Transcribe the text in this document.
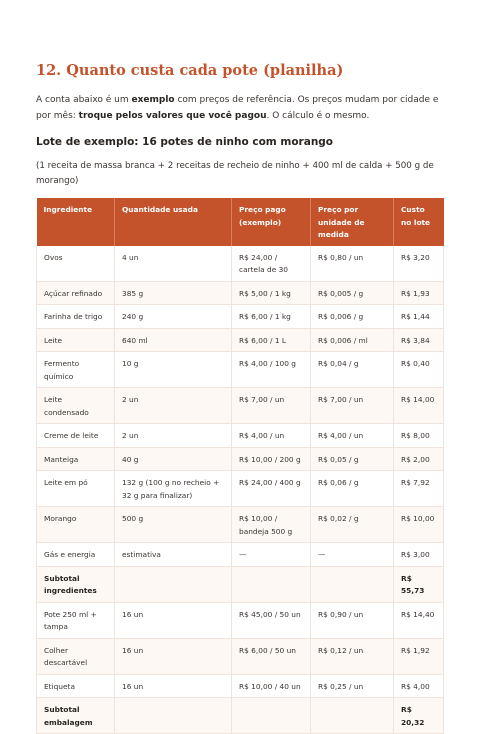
12. Quanto custa cada pote (planilha)

A conta abaixo é um exemplo com preços de referência. Os preços mudam por cidade e por mês: troque pelos valores que você pagou. O cálculo é o mesmo.

Lote de exemplo: 16 potes de ninho com morango

(1 receita de massa branca + 2 receitas de recheio de ninho + 400 ml de calda + 500 g de morango)

Ingrediente	Quantidade usada	Preço pago (exemplo)	Preço por unidade de medida	Custo no lote
Ovos	4 un	R$ 24,00 / cartela de 30	R$ 0,80 / un	R$ 3,20
Açúcar refinado	385 g	R$ 5,00 / 1 kg	R$ 0,005 / g	R$ 1,93
Farinha de trigo	240 g	R$ 6,00 / 1 kg	R$ 0,006 / g	R$ 1,44
Leite	640 ml	R$ 6,00 / 1 L	R$ 0,006 / ml	R$ 3,84
Fermento químico	10 g	R$ 4,00 / 100 g	R$ 0,04 / g	R$ 0,40
Leite condensado	2 un	R$ 7,00 / un	R$ 7,00 / un	R$ 14,00
Creme de leite	2 un	R$ 4,00 / un	R$ 4,00 / un	R$ 8,00
Manteiga	40 g	R$ 10,00 / 200 g	R$ 0,05 / g	R$ 2,00
Leite em pó	132 g (100 g no recheio + 32 g para finalizar)	R$ 24,00 / 400 g	R$ 0,06 / g	R$ 7,92
Morango	500 g	R$ 10,00 / bandeja 500 g	R$ 0,02 / g	R$ 10,00
Gás e energia	estimativa	—	—	R$ 3,00
Subtotal ingredientes				R$ 55,73
Pote 250 ml + tampa	16 un	R$ 45,00 / 50 un	R$ 0,90 / un	R$ 14,40
Colher descartável	16 un	R$ 6,00 / 50 un	R$ 0,12 / un	R$ 1,92
Etiqueta	16 un	R$ 10,00 / 40 un	R$ 0,25 / un	R$ 4,00
Subtotal embalagem				R$ 20,32
